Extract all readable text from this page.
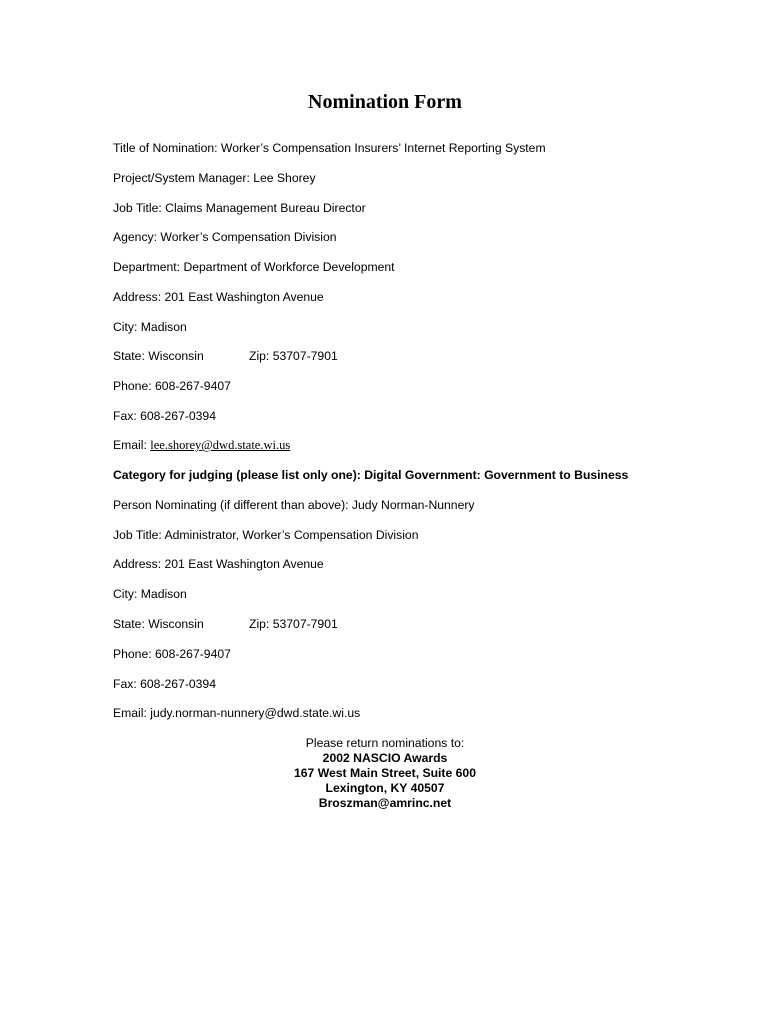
Nomination Form
Title of Nomination: Worker’s Compensation Insurers’ Internet Reporting System
Project/System Manager: Lee Shorey
Job Title: Claims Management Bureau Director
Agency: Worker’s Compensation Division
Department: Department of Workforce Development
Address: 201 East Washington Avenue
City: Madison
State: Wisconsin	Zip: 53707-7901
Phone: 608-267-9407
Fax: 608-267-0394
Email: lee.shorey@dwd.state.wi.us
Category for judging (please list only one): Digital Government: Government to Business
Person Nominating (if different than above): Judy Norman-Nunnery
Job Title: Administrator, Worker’s Compensation Division
Address: 201 East Washington Avenue
City: Madison
State: Wisconsin	Zip: 53707-7901
Phone: 608-267-9407
Fax: 608-267-0394
Email: judy.norman-nunnery@dwd.state.wi.us
Please return nominations to:
2002 NASCIO Awards
167 West Main Street, Suite 600
Lexington, KY 40507
Broszman@amrinc.net
